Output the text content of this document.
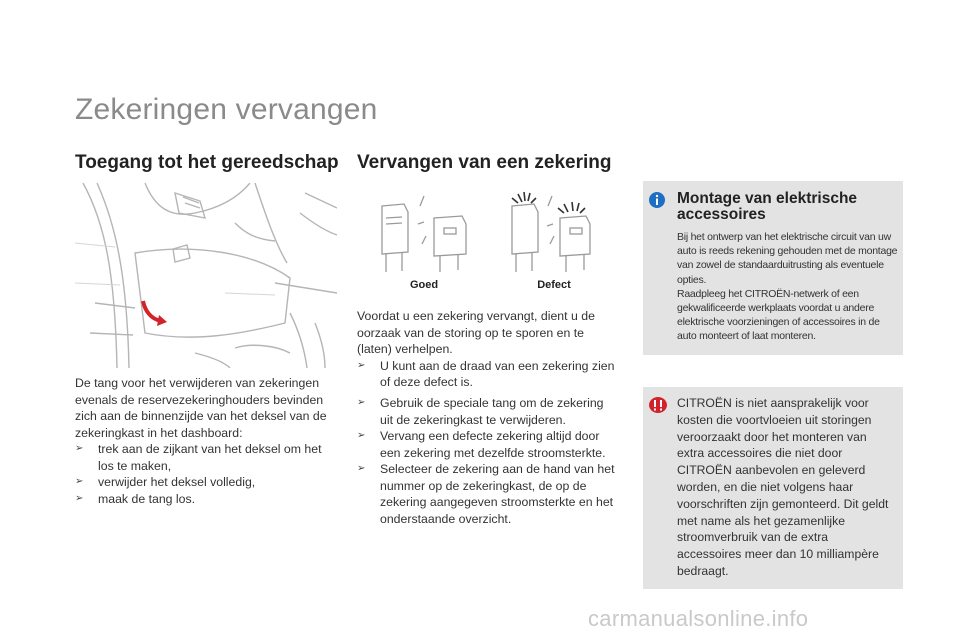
Zekeringen vervangen
Toegang tot het gereedschap Vervangen van een zekering
De tang voor het verwijderen van zekeringen evenals de reservezekeringhouders bevinden zich aan de binnenzijde van het deksel van de zekeringkast in het dashboard:
➢ trek aan de zijkant van het deksel om het los te maken,
➢ verwijder het deksel volledig,
➢ maak de tang los.
Goed	Defect
Voordat u een zekering vervangt, dient u de oorzaak van de storing op te sporen en te (laten) verhelpen.
➢ U kunt aan de draad van een zekering zien of deze defect is.
➢ Gebruik de speciale tang om de zekering uit de zekeringkast te verwijderen.
➢ Vervang een defecte zekering altijd door een zekering met dezelfde stroomsterkte.
➢ Selecteer de zekering aan de hand van het nummer op de zekeringkast, de op de zekering aangegeven stroomsterkte en het onderstaande overzicht.
Montage van elektrische accessoires
Bij het ontwerp van het elektrische circuit van uw auto is reeds rekening gehouden met de montage van zowel de standaarduitrusting als eventuele opties.
Raadpleeg het CITROËN-netwerk of een gekwalificeerde werkplaats voordat u andere elektrische voorzieningen of accessoires in de auto monteert of laat monteren.
CITROËN is niet aansprakelijk voor kosten die voortvloeien uit storingen veroorzaakt door het monteren van extra accessoires die niet door CITROËN aanbevolen en geleverd worden, en die niet volgens haar voorschriften zijn gemonteerd. Dit geldt met name als het gezamenlijke stroomverbruik van de extra accessoires meer dan 10 milliampère bedraagt.
carmanualsonline.info
